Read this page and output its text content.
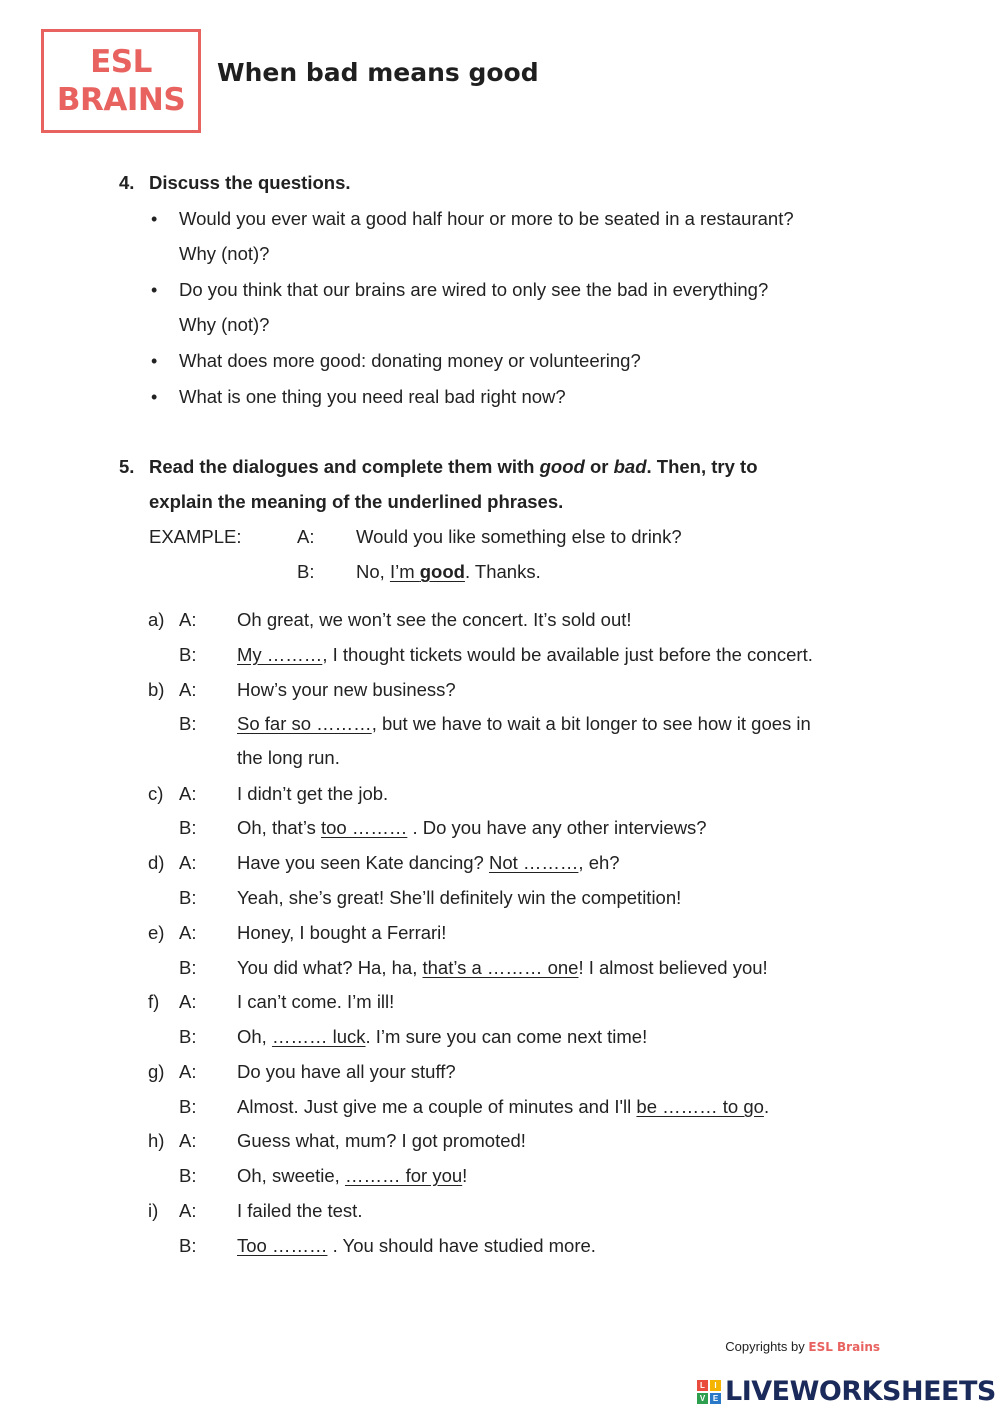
ESL
BRAINS
When bad means good
4. Discuss the questions.
• Would you ever wait a good half hour or more to be seated in a restaurant?
Why (not)?
• Do you think that our brains are wired to only see the bad in everything?
Why (not)?
• What does more good: donating money or volunteering?
• What is one thing you need real bad right now?
5. Read the dialogues and complete them with good or bad. Then, try to
explain the meaning of the underlined phrases.
EXAMPLE:	A: Would you like something else to drink?
B: No, I’m good. Thanks.
a) A: Oh great, we won’t see the concert. It’s sold out!
B: My ………, I thought tickets would be available just before the concert.
b) A: How’s your new business?
B: So far so ………, but we have to wait a bit longer to see how it goes in
the long run.
c) A: I didn’t get the job.
B: Oh, that’s too ……… . Do you have any other interviews?
d) A: Have you seen Kate dancing? Not ………, eh?
B: Yeah, she’s great! She’ll definitely win the competition!
e) A: Honey, I bought a Ferrari!
B: You did what? Ha, ha, that’s a ……… one! I almost believed you!
f) A: I can’t come. I’m ill!
B: Oh, ……… luck. I’m sure you can come next time!
g) A: Do you have all your stuff?
B: Almost. Just give me a couple of minutes and I'll be ……… to go.
h) A: Guess what, mum? I got promoted!
B: Oh, sweetie, ……… for you!
i) A: I failed the test.
B: Too ……… . You should have studied more.
Copyrights by ESL Brains
L	I
V E LIVEWORKSHEETS
